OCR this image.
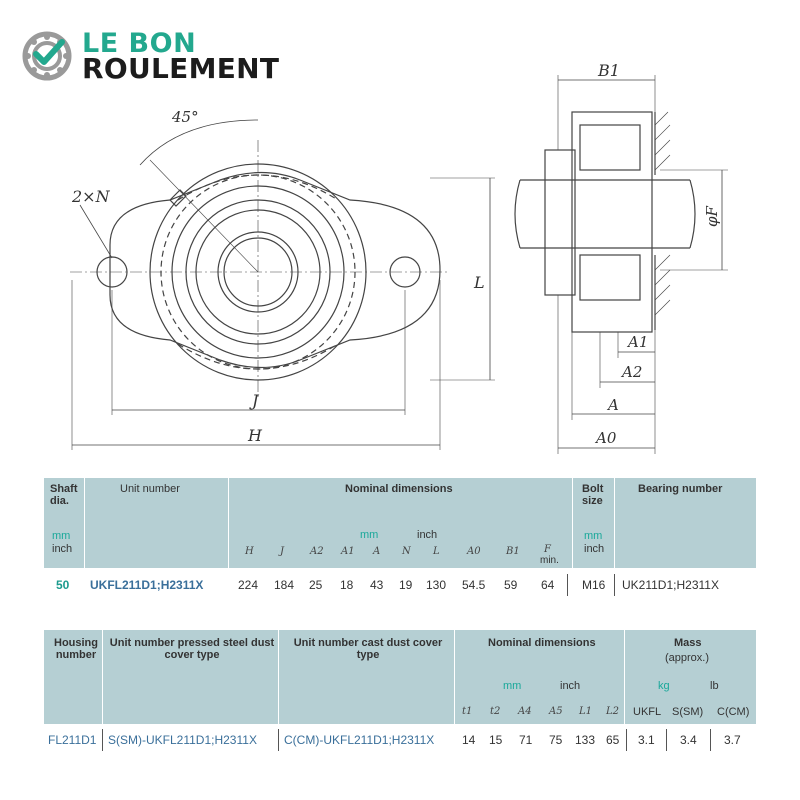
LE BON
ROULEMENT
45°
2×N
L
J
H
B1
φF
A1
A2
A
A0
Shaft dia.
Unit number	Nominal dimensions	Bolt size
Bearing number
mm
inch
mm	inch	mm
inch
H	J	A2 A1 A N L	A0	B1 F
min.
50 UKFL211D1;H2311X	224 184 25 18 43 19 130 54.5 59 64 M16 UK211D1;H2311X
Housing number
Unit number pressed steel dust cover type
Unit number cast dust cover type
Nominal dimensions	Mass
(approx.)
mm	inch	kg	lb
t1 t2 A4 A5 L1 L2 UKFL S(SM) C(CM)
FL211D1 S(SM)-UKFL211D1;H2311X C(CM)-UKFL211D1;H2311X 14 15 71 75 133 65 3.1 3.4 3.7
